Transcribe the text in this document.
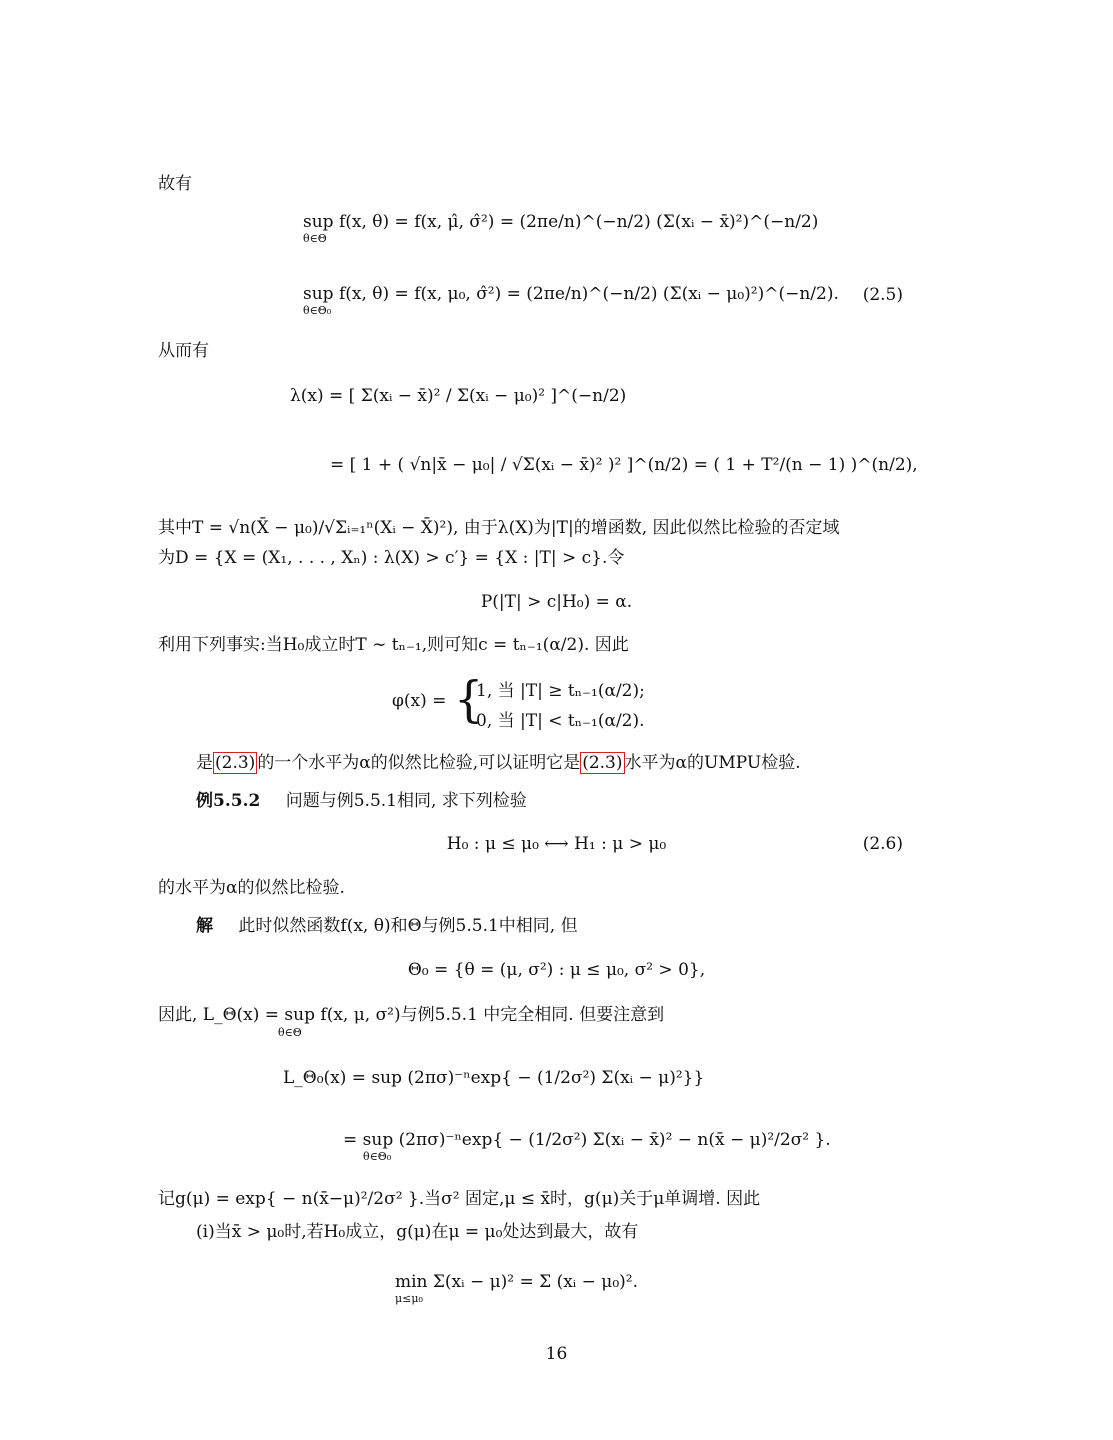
故有
sup f(x, θ) = f(x, μ̂, σ̂²) = (2πe/n)^(−n/2) (Σ(xᵢ − x̄)²)^(−n/2)
θ∈Θ
sup f(x, θ) = f(x, μ₀, σ̂²) = (2πe/n)^(−n/2) (Σ(xᵢ − μ₀)²)^(−n/2).
θ∈Θ₀
(2.5)
从而有
λ(x) = [ Σ(xᵢ − x̄)² / Σ(xᵢ − μ₀)² ]^(−n/2)
= [ 1 + ( √n|x̄ − μ₀| / √Σ(xᵢ − x̄)² )² ]^(n/2) = ( 1 + T²/(n − 1) )^(n/2),
其中T = √n(X̄ − μ₀)/√Σᵢ₌₁ⁿ(Xᵢ − X̄)²), 由于λ(X)为|T|的增函数, 因此似然比检验的否定域
为D = {X = (X₁, . . . , Xₙ) : λ(X) > c′} = {X : |T| > c}.令
P(|T| > c|H₀) = α.
利用下列事实:当H₀成立时T ∼ tₙ₋₁,则可知c = tₙ₋₁(α/2). 因此
φ(x) = {
1, 当 |T| ≥ tₙ₋₁(α/2);
0, 当 |T| < tₙ₋₁(α/2).
是 (2.3) 的一个水平为α的似然比检验,可以证明它是 (2.3) 水平为α的UMPU检验.
例5.5.2 问题与例5.5.1相同, 求下列检验
H₀ : μ ≤ μ₀ ⟷ H₁ : μ > μ₀	(2.6)
的水平为α的似然比检验.
解 此时似然函数f(x, θ)和Θ与例5.5.1中相同, 但
Θ₀ = {θ = (μ, σ²) : μ ≤ μ₀, σ² > 0},
因此, L_Θ(x) = sup f(x, μ, σ²)与例5.5.1 中完全相同. 但要注意到
θ∈Θ
L_Θ₀(x) = sup (2πσ)⁻ⁿexp{ − (1/2σ²) Σ(xᵢ − μ)²}}
= sup (2πσ)⁻ⁿexp{ − (1/2σ²) Σ(xᵢ − x̄)² − n(x̄ − μ)²/2σ² }.
θ∈Θ₀
记g(μ) = exp{ − n(x̄−μ)²/2σ² }.当σ² 固定,μ ≤ x̄时，g(μ)关于μ单调增. 因此
(i)当x̄ > μ₀时,若H₀成立，g(μ)在μ = μ₀处达到最大，故有
min Σ(xᵢ − μ)² = Σ (xᵢ − μ₀)².
μ≤μ₀
16
